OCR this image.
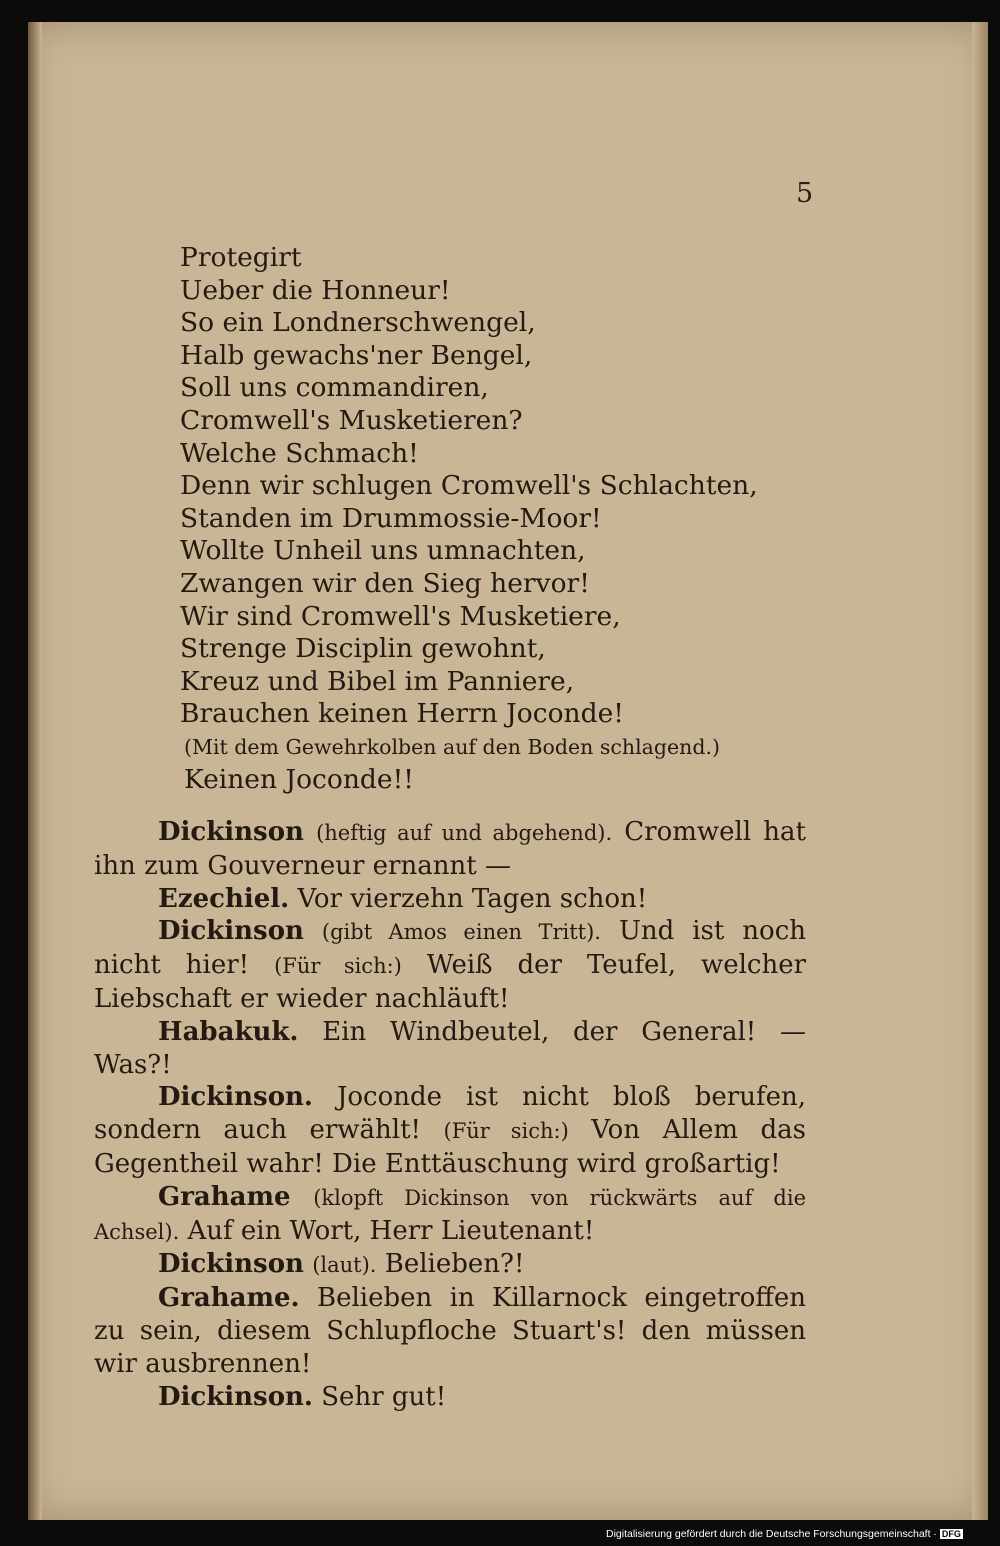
5
Protegirt
Ueber die Honneur!
So ein Londnerschwengel,
Halb gewachs'ner Bengel,
Soll uns commandiren,
Cromwell's Musketieren?
Welche Schmach!
Denn wir schlugen Cromwell's Schlachten,
Standen im Drummossie-Moor!
Wollte Unheil uns umnachten,
Zwangen wir den Sieg hervor!
Wir sind Cromwell's Musketiere,
Strenge Disciplin gewohnt,
Kreuz und Bibel im Panniere,
Brauchen keinen Herrn Joconde!
(Mit dem Gewehrkolben auf den Boden schlagend.)
Keinen Joconde!!

Dickinson (heftig auf und abgehend). Cromwell hat ihn zum Gouverneur ernannt —

Ezechiel. Vor vierzehn Tagen schon!

Dickinson (gibt Amos einen Tritt). Und ist noch nicht hier! (Für sich:) Weiß der Teufel, welcher Liebschaft er wieder nachläuft!

Habakuk. Ein Windbeutel, der General! — Was?!

Dickinson. Joconde ist nicht bloß berufen, sondern auch erwählt! (Für sich:) Von Allem das Gegentheil wahr! Die Enttäuschung wird großartig!

Grahame (klopft Dickinson von rückwärts auf die Achsel). Auf ein Wort, Herr Lieutenant!

Dickinson (laut). Belieben?!

Grahame. Belieben in Killarnock eingetroffen zu sein, diesem Schlupfloche Stuart's! den müssen wir ausbrennen!

Dickinson. Sehr gut!

Digitalisierung gefördert durch die Deutsche Forschungsgemeinschaft · DFG
